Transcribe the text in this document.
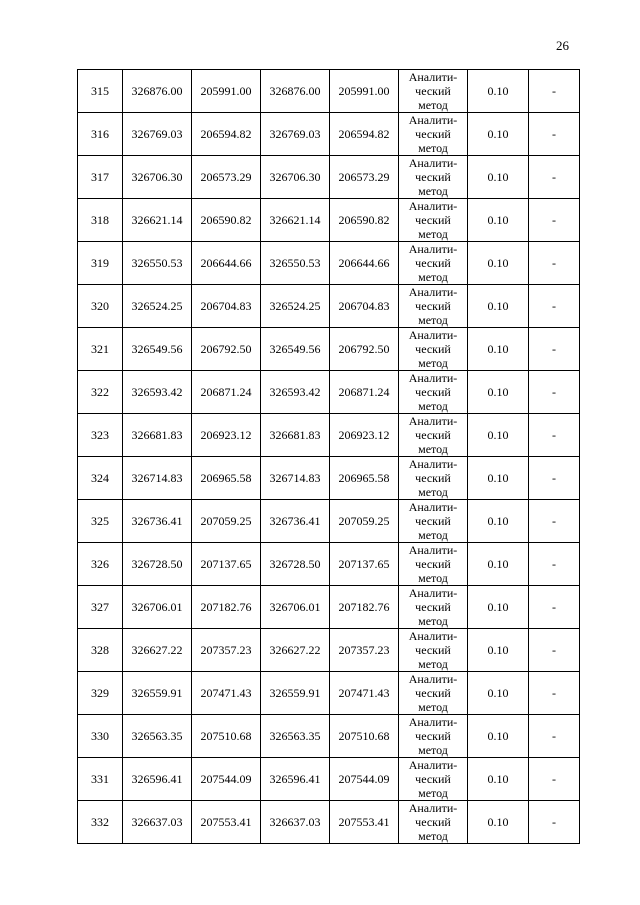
26
315	326876.00	205991.00	326876.00	205991.00	Аналити-
ческий
метод	0.10	-
316	326769.03	206594.82	326769.03	206594.82	Аналити-
ческий
метод	0.10	-
317	326706.30	206573.29	326706.30	206573.29	Аналити-
ческий
метод	0.10	-
318	326621.14	206590.82	326621.14	206590.82	Аналити-
ческий
метод	0.10	-
319	326550.53	206644.66	326550.53	206644.66	Аналити-
ческий
метод	0.10	-
320	326524.25	206704.83	326524.25	206704.83	Аналити-
ческий
метод	0.10	-
321	326549.56	206792.50	326549.56	206792.50	Аналити-
ческий
метод	0.10	-
322	326593.42	206871.24	326593.42	206871.24	Аналити-
ческий
метод	0.10	-
323	326681.83	206923.12	326681.83	206923.12	Аналити-
ческий
метод	0.10	-
324	326714.83	206965.58	326714.83	206965.58	Аналити-
ческий
метод	0.10	-
325	326736.41	207059.25	326736.41	207059.25	Аналити-
ческий
метод	0.10	-
326	326728.50	207137.65	326728.50	207137.65	Аналити-
ческий
метод	0.10	-
327	326706.01	207182.76	326706.01	207182.76	Аналити-
ческий
метод	0.10	-
328	326627.22	207357.23	326627.22	207357.23	Аналити-
ческий
метод	0.10	-
329	326559.91	207471.43	326559.91	207471.43	Аналити-
ческий
метод	0.10	-
330	326563.35	207510.68	326563.35	207510.68	Аналити-
ческий
метод	0.10	-
331	326596.41	207544.09	326596.41	207544.09	Аналити-
ческий
метод	0.10	-
332	326637.03	207553.41	326637.03	207553.41	Аналити-
ческий
метод	0.10	-
